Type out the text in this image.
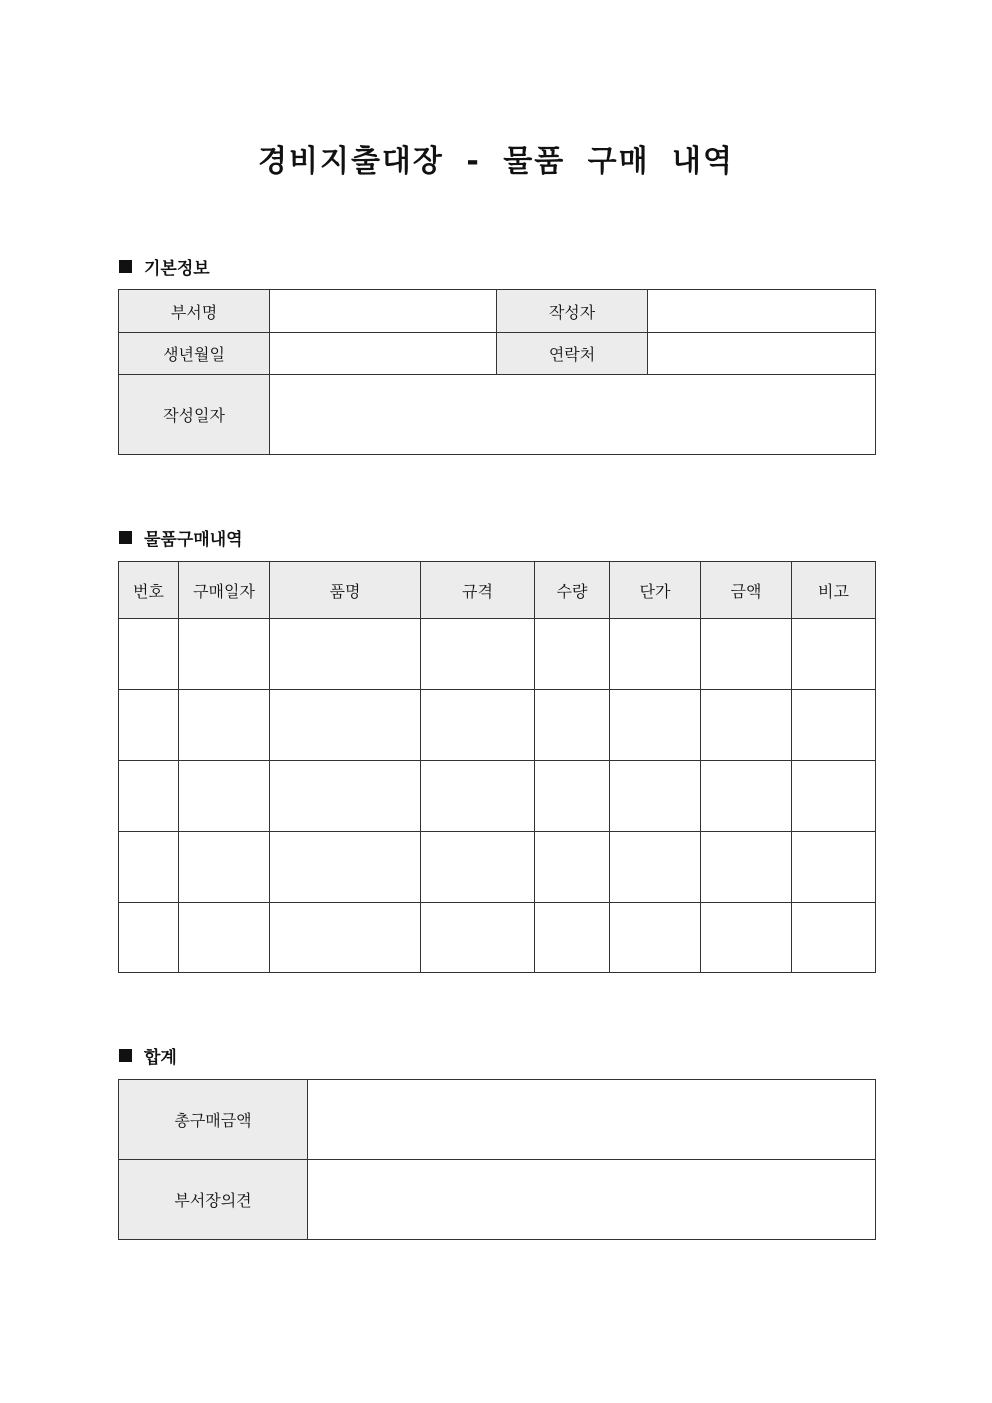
경비지출대장 - 물품 구매 내역
기본정보
부서명		작성자	
생년월일		연락처	
작성일자			
물품구매내역
번호	구매일자	품명	규격	수량	단가	금액	비고

합계
총구매금액	
부서장의견	
